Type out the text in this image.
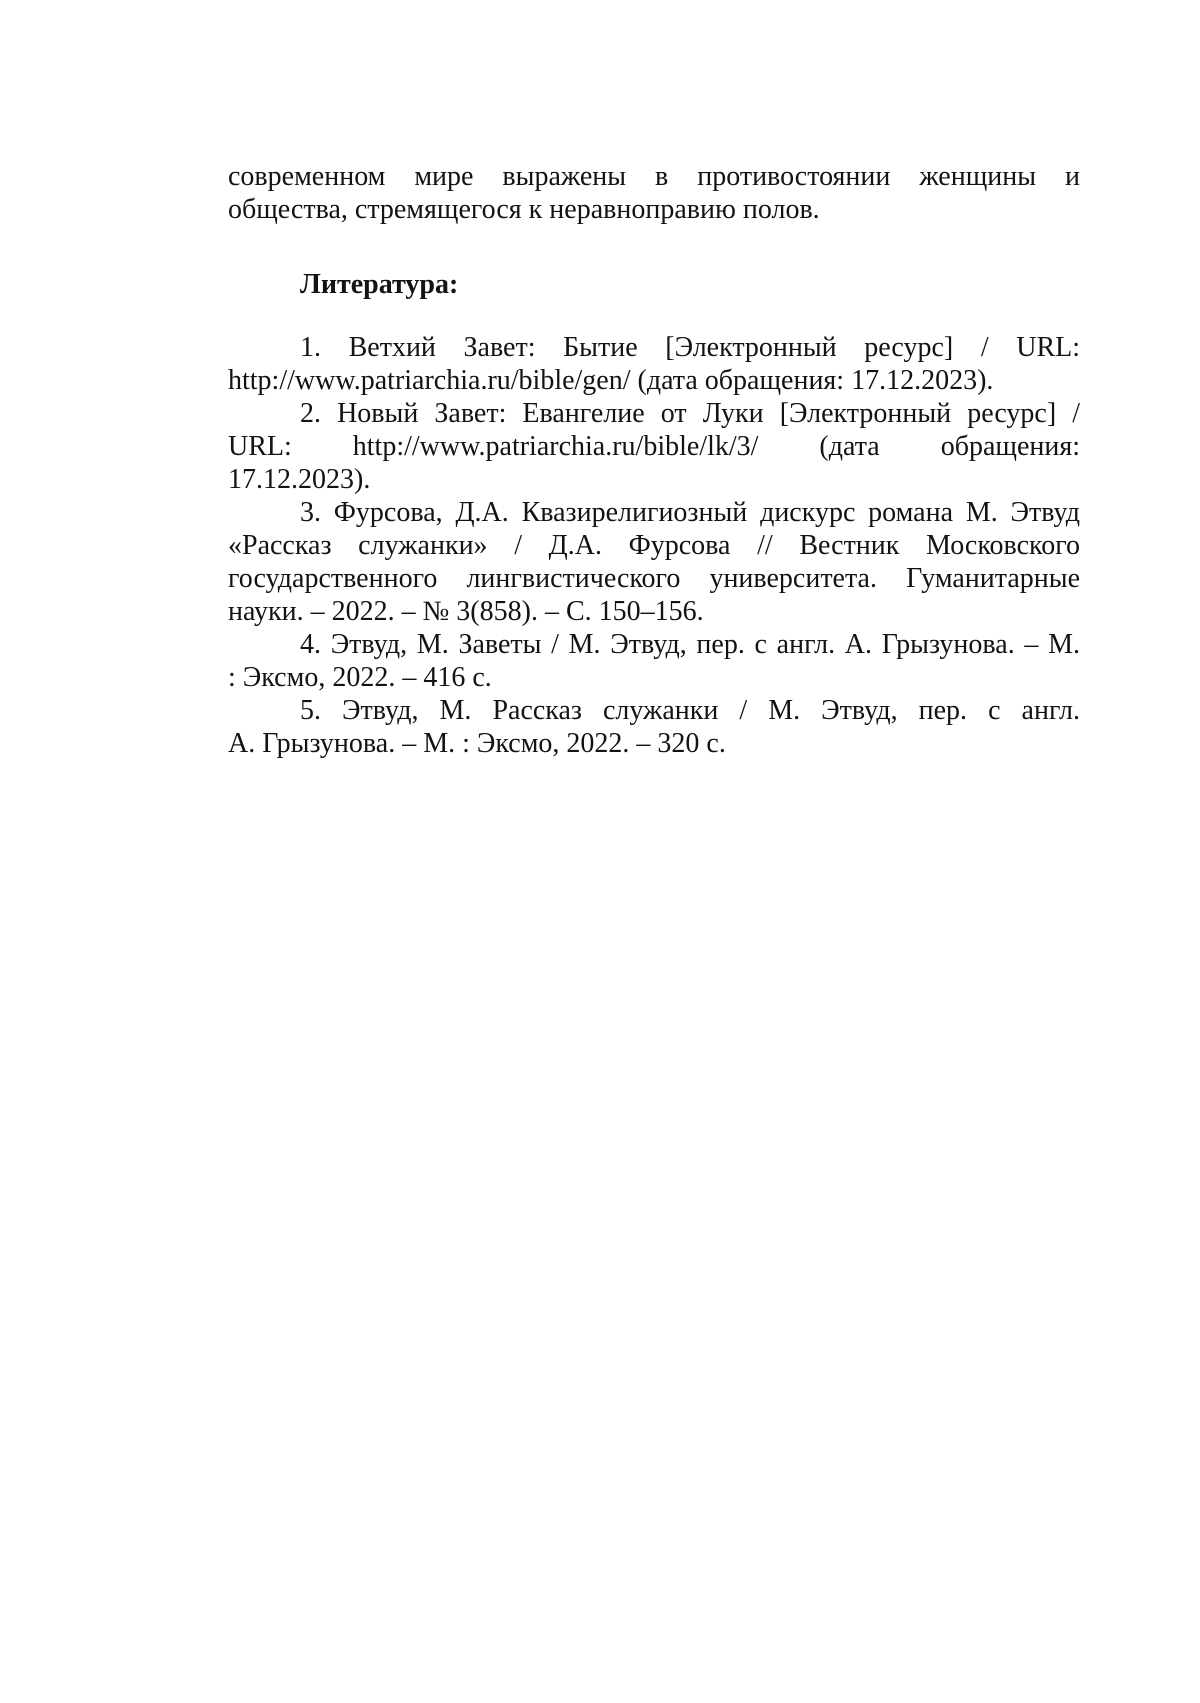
современном мире выражены в противостоянии женщины и
общества, стремящегося к неравноправию полов.
Литература:
1. Ветхий Завет: Бытие [Электронный ресурс] / URL:
http://www.patriarchia.ru/bible/gen/ (дата обращения: 17.12.2023).
2. Новый Завет: Евангелие от Луки [Электронный ресурс] /
URL: http://www.patriarchia.ru/bible/lk/3/ (дата обращения:
17.12.2023).
3. Фурсова, Д.А. Квазирелигиозный дискурс романа М. Этвуд
«Рассказ служанки» / Д.А. Фурсова // Вестник Московского
государственного лингвистического университета. Гуманитарные
науки. – 2022. – № 3(858). – С. 150–156.
4. Этвуд, М. Заветы / М. Этвуд, пер. с англ. А. Грызунова. – М.
: Эксмо, 2022. – 416 с.
5. Этвуд, М. Рассказ служанки / М. Этвуд, пер. с англ.
А. Грызунова. – М. : Эксмо, 2022. – 320 с.
